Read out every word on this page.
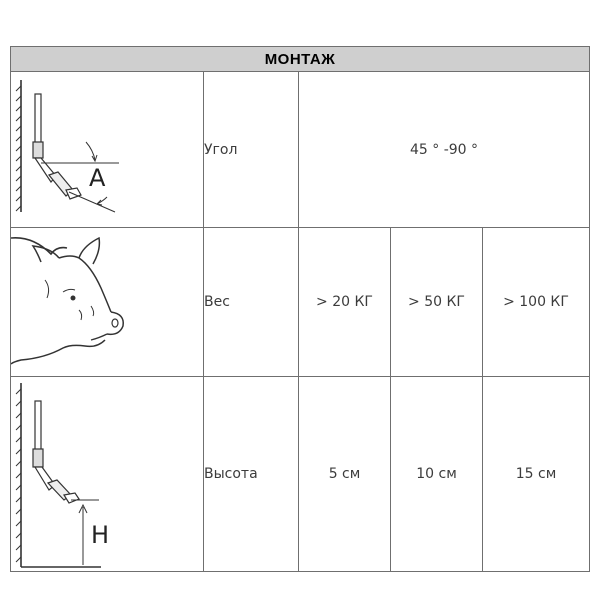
МОНТАЖ
A
Угол	45 ° -90 °
Вес	> 20 КГ	> 50 КГ	> 100 КГ
H
Высота	5 см	10 см	15 см
